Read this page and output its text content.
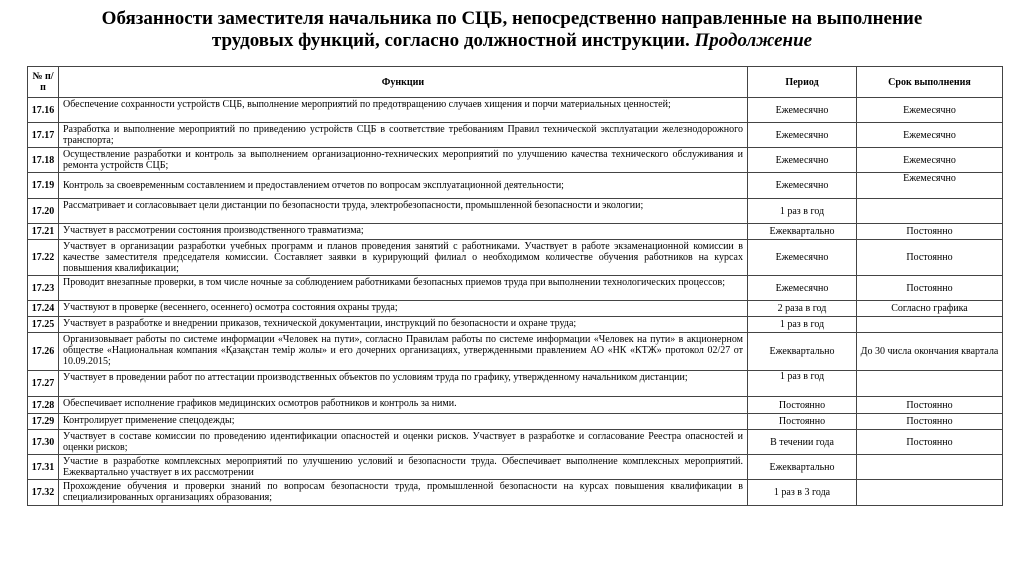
Обязанности заместителя начальника по СЦБ, непосредственно направленные на выполнение
трудовых функций, согласно должностной инструкции. Продолжение
№ п/п	Функции	Период	Срок выполнения
17.16	Обеспечение сохранности устройств СЦБ, выполнение мероприятий по предотвращению случаев хищения и порчи материальных ценностей;	Ежемесячно	Ежемесячно
17.17	Разработка и выполнение мероприятий по приведению устройств СЦБ в соответствие требованиям Правил технической эксплуатации железнодорожного транспорта;	Ежемесячно	Ежемесячно
17.18	Осуществление разработки и контроль за выполнением организационно-технических мероприятий по улучшению качества технического обслуживания и ремонта устройств СЦБ;	Ежемесячно	Ежемесячно
17.19	Контроль за своевременным составлением и предоставлением отчетов по вопросам эксплуатационной деятельности;	Ежемесячно	Ежемесячно
17.20	Рассматривает и согласовывает цели дистанции по безопасности труда, электробезопасности, промышленной безопасности и экологии;	1 раз в год	
17.21	Участвует в рассмотрении состояния производственного травматизма;	Ежеквартально	Постоянно
17.22	Участвует в организации разработки учебных программ и планов проведения занятий с работниками. Участвует в работе экзаменационной комиссии в качестве заместителя председателя комиссии. Составляет заявки в курирующий филиал о необходимом количестве обучения работников на курсах повышения квалификации;	Ежемесячно	Постоянно
17.23	Проводит внезапные проверки, в том числе ночные за соблюдением работниками безопасных приемов труда при выполнении технологических процессов;	Ежемесячно	Постоянно
17.24	Участвуют в проверке (весеннего, осеннего) осмотра состояния охраны труда;	2 раза в год	Согласно графика
17.25	Участвует в разработке и внедрении приказов, технической документации, инструкций по безопасности и охране труда;	1 раз в год	
17.26	Организовывает работы по системе информации «Человек на пути», согласно Правилам работы по системе информации «Человек на пути» в акционерном обществе «Национальная компания «Қазақстан темір жолы» и его дочерних организациях, утвержденными правлением АО «НК «КТЖ» протокол 02/27 от 10.09.2015;	Ежеквартально	До 30 числа окончания квартала
17.27	Участвует в проведении работ по аттестации производственных объектов по условиям труда по графику, утвержденному начальником дистанции;	1 раз в год	
17.28	Обеспечивает исполнение графиков медицинских осмотров работников и контроль за ними.	Постоянно	Постоянно
17.29	Контролирует применение спецодежды;	Постоянно	Постоянно
17.30	Участвует в составе комиссии по проведению идентификации опасностей и оценки рисков. Участвует в разработке и согласование Реестра опасностей и оценки рисков;	В течении года	Постоянно
17.31	Участие в разработке комплексных мероприятий по улучшению условий и безопасности труда. Обеспечивает выполнение комплексных мероприятий. Ежеквартально участвует в их рассмотрении	Ежеквартально	
17.32	Прохождение обучения и проверки знаний по вопросам безопасности труда, промышленной безопасности на курсах повышения квалификации в специализированных организациях образования;	1 раз в 3 года	
